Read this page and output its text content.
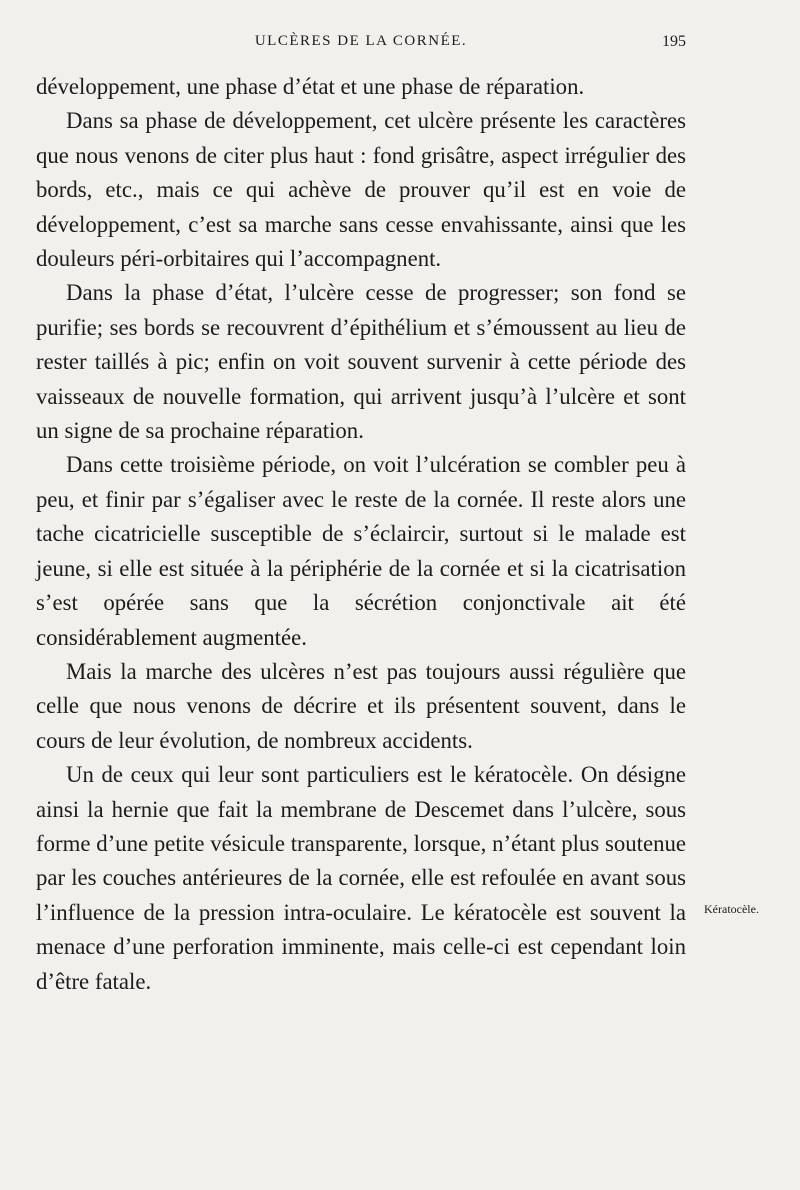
ULCÈRES DE LA CORNÉE.	195

développement, une phase d’état et une phase de réparation.

Dans sa phase de développement, cet ulcère présente les caractères que nous venons de citer plus haut : fond grisâtre, aspect irrégulier des bords, etc., mais ce qui achève de prouver qu’il est en voie de développement, c’est sa marche sans cesse envahissante, ainsi que les douleurs péri-orbitaires qui l’accompagnent.

Dans la phase d’état, l’ulcère cesse de progresser; son fond se purifie; ses bords se recouvrent d’épithélium et s’émoussent au lieu de rester taillés à pic; enfin on voit souvent survenir à cette période des vaisseaux de nouvelle formation, qui arrivent jusqu’à l’ulcère et sont un signe de sa prochaine réparation.

Dans cette troisième période, on voit l’ulcération se combler peu à peu, et finir par s’égaliser avec le reste de la cornée. Il reste alors une tache cicatricielle susceptible de s’éclaircir, surtout si le malade est jeune, si elle est située à la périphérie de la cornée et si la cicatrisation s’est opérée sans que la sécrétion conjonctivale ait été considérablement augmentée.

Mais la marche des ulcères n’est pas toujours aussi régulière que celle que nous venons de décrire et ils présentent souvent, dans le cours de leur évolution, de nombreux accidents.

Un de ceux qui leur sont particuliers est le kératocèle. On désigne ainsi la hernie que fait la membrane de Descemet dans l’ulcère, sous forme d’une petite vésicule transparente, lorsque, n’étant plus soutenue par les couches antérieures de la cornée, elle est refoulée en avant sous l’influence de la pression intra-oculaire. Le kératocèle est souvent la menace d’une perforation imminente, mais celle-ci est cependant loin d’être fatale.

Kératocèle.
